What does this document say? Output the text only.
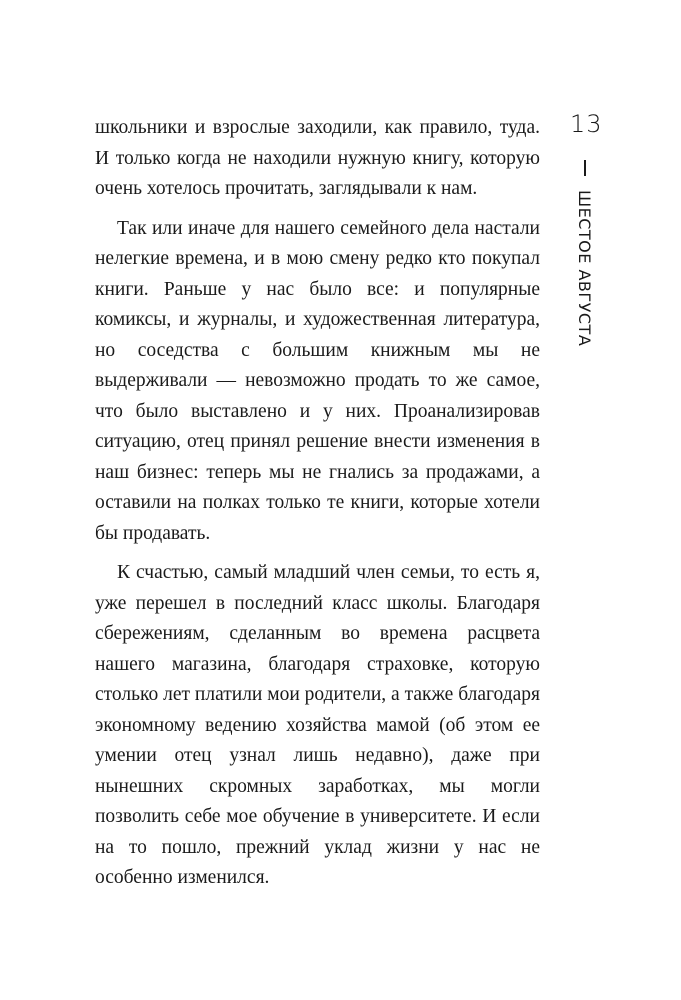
школьники и взрослые заходили, как правило, туда. И только когда не находили нужную книгу, которую очень хотелось прочитать, заглядывали к нам.

Так или иначе для нашего семейного дела настали нелегкие времена, и в мою смену редко кто покупал книги. Раньше у нас было все: и популярные комиксы, и журналы, и художественная литература, но соседства с большим книжным мы не выдерживали — невозможно продать то же самое, что было выставлено и у них. Проанализировав ситуацию, отец принял решение внести изменения в наш бизнес: теперь мы не гнались за продажами, а оставили на полках только те книги, которые хотели бы продавать.

К счастью, самый младший член семьи, то есть я, уже перешел в последний класс школы. Благодаря сбережениям, сделанным во времена расцвета нашего магазина, благодаря страховке, которую столько лет платили мои родители, а также благодаря экономному ведению хозяйства мамой (об этом ее умении отец узнал лишь недавно), даже при нынешних скромных заработках, мы могли позволить себе мое обучение в университете. И если на то пошло, прежний уклад жизни у нас не особенно изменился.

13
ШЕСТОЕ АВГУСТА
